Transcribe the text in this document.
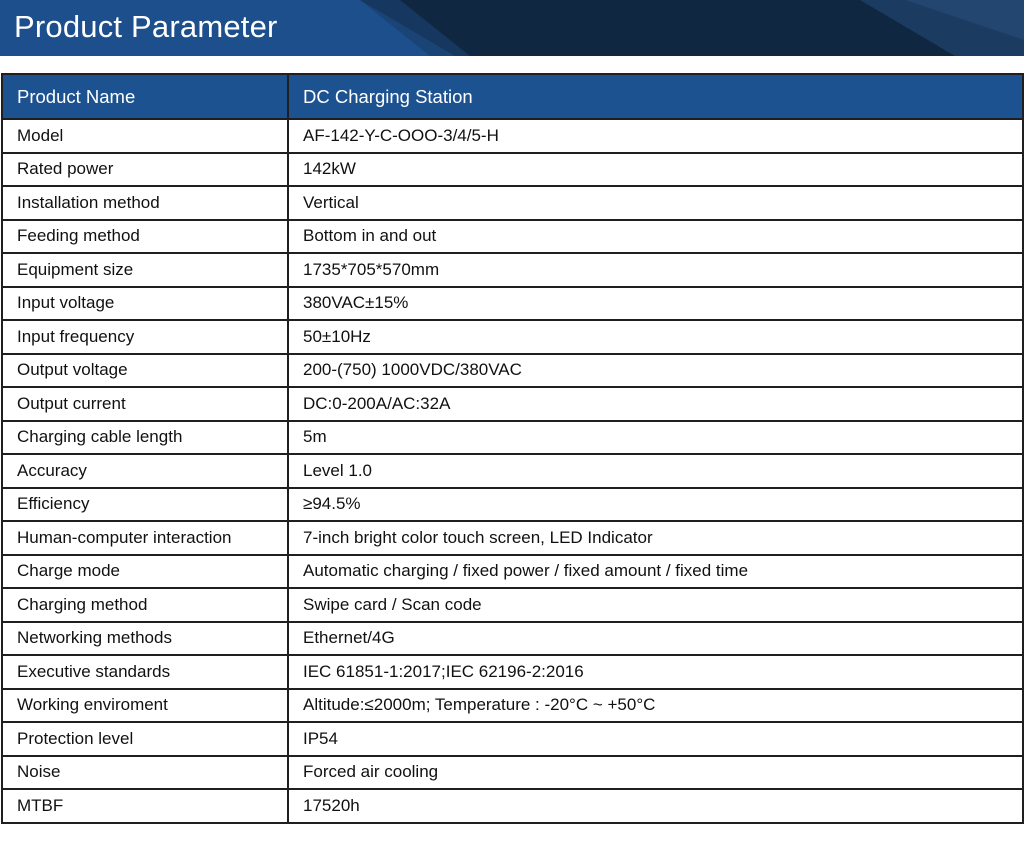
Product Parameter
Product Name	DC Charging Station
Model	AF-142-Y-C-OOO-3/4/5-H
Rated power	142kW
Installation method	Vertical
Feeding method	Bottom in and out
Equipment size	1735*705*570mm
Input voltage	380VAC±15%
Input frequency	50±10Hz
Output voltage	200-(750) 1000VDC/380VAC
Output current	DC:0-200A/AC:32A
Charging cable length	5m
Accuracy	Level 1.0
Efficiency	≥94.5%
Human-computer interaction	7-inch bright color touch screen, LED Indicator
Charge mode	Automatic charging / fixed power / fixed amount / fixed time
Charging method	Swipe card / Scan code
Networking methods	Ethernet/4G
Executive standards	IEC 61851-1:2017;IEC 62196-2:2016
Working enviroment	Altitude:≤2000m; Temperature : -20°C ~ +50°C
Protection level	IP54
Noise	Forced air cooling
MTBF	17520h
